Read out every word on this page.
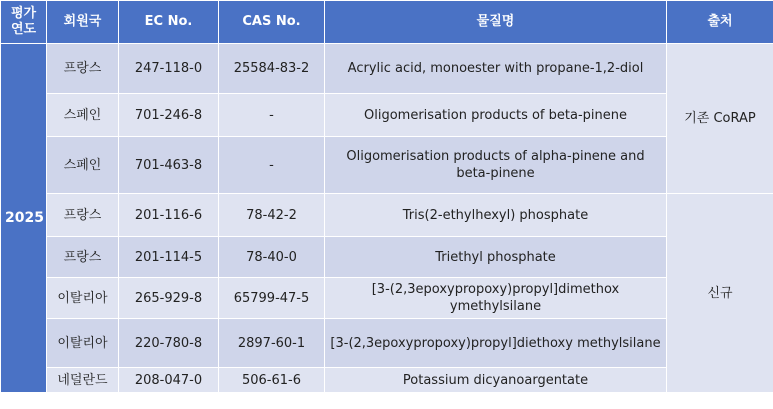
평가
연도	회원국	EC No.	CAS No.	물질명	출처
2025	프랑스	247-118-0	25584-83-2	Acrylic acid, monoester with propane-1,2-diol	기존 CoRAP
	스페인	701-246-8	-	Oligomerisation products of beta-pinene	
	스페인	701-463-8	-	Oligomerisation products of alpha-pinene and beta-pinene	
	프랑스	201-116-6	78-42-2	Tris(2-ethylhexyl) phosphate	신규
	프랑스	201-114-5	78-40-0	Triethyl phosphate	
	이탈리아	265-929-8	65799-47-5	[3-(2,3epoxypropoxy)propyl]dimethox ymethylsilane	
	이탈리아	220-780-8	2897-60-1	[3-(2,3epoxypropoxy)propyl]diethoxy methylsilane	
	네덜란드	208-047-0	506-61-6	Potassium dicyanoargentate	
